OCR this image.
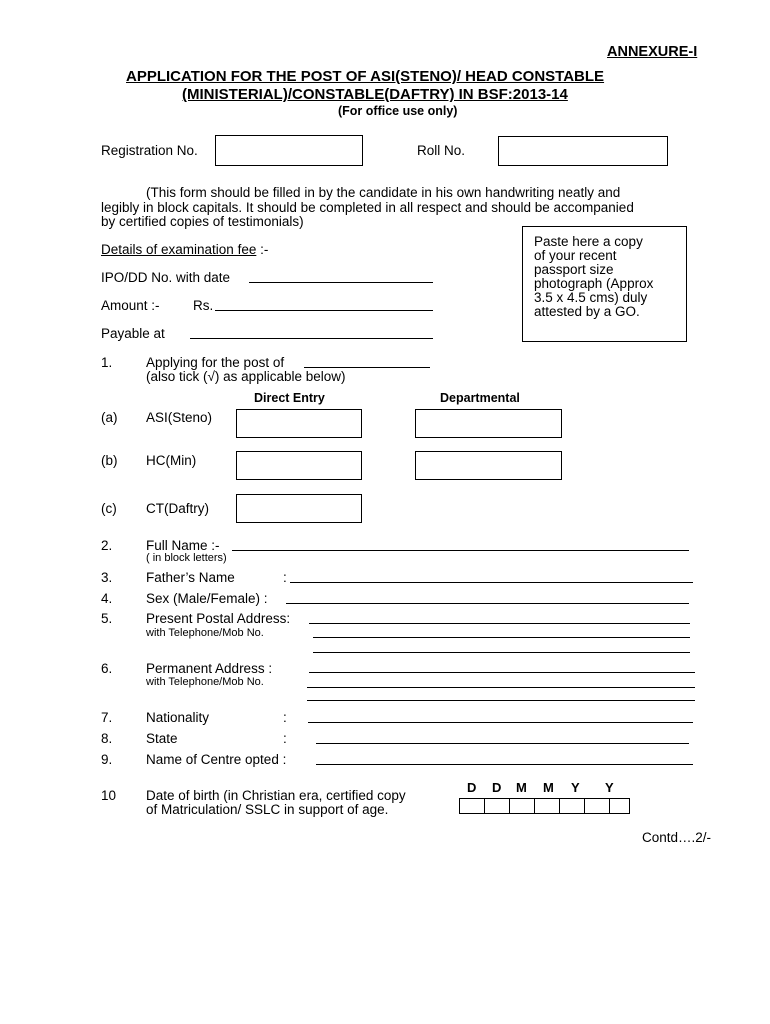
ANNEXURE-I
APPLICATION FOR THE POST OF ASI(STENO)/ HEAD CONSTABLE
(MINISTERIAL)/CONSTABLE(DAFTRY) IN BSF:2013-14
(For office use only)
Registration No.	Roll No.
(This form should be filled in by the candidate in his own handwriting neatly and
legibly in block capitals. It should be completed in all respect and should be accompanied
by certified copies of testimonials)
Details of examination fee :-
IPO/DD No. with date
Amount :- Rs.
Payable at
Paste here a copy
of your recent
passport size
photograph (Approx
3.5 x 4.5 cms) duly
attested by a GO.
1. Applying for the post of
(also tick (√) as applicable below)
Direct Entry	Departmental
(a) ASI(Steno)
(b) HC(Min)
(c) CT(Daftry)
2. Full Name :-
( in block letters)
3. Father’s Name	:
4. Sex (Male/Female) :
5. Present Postal Address:
with Telephone/Mob No.
6. Permanent Address :
with Telephone/Mob No.
7. Nationality	:
8. State	:
9. Name of Centre opted :
10 Date of birth (in Christian era, certified copy
of Matriculation/ SSLC in support of age.
D D M M Y Y
Contd….2/-
